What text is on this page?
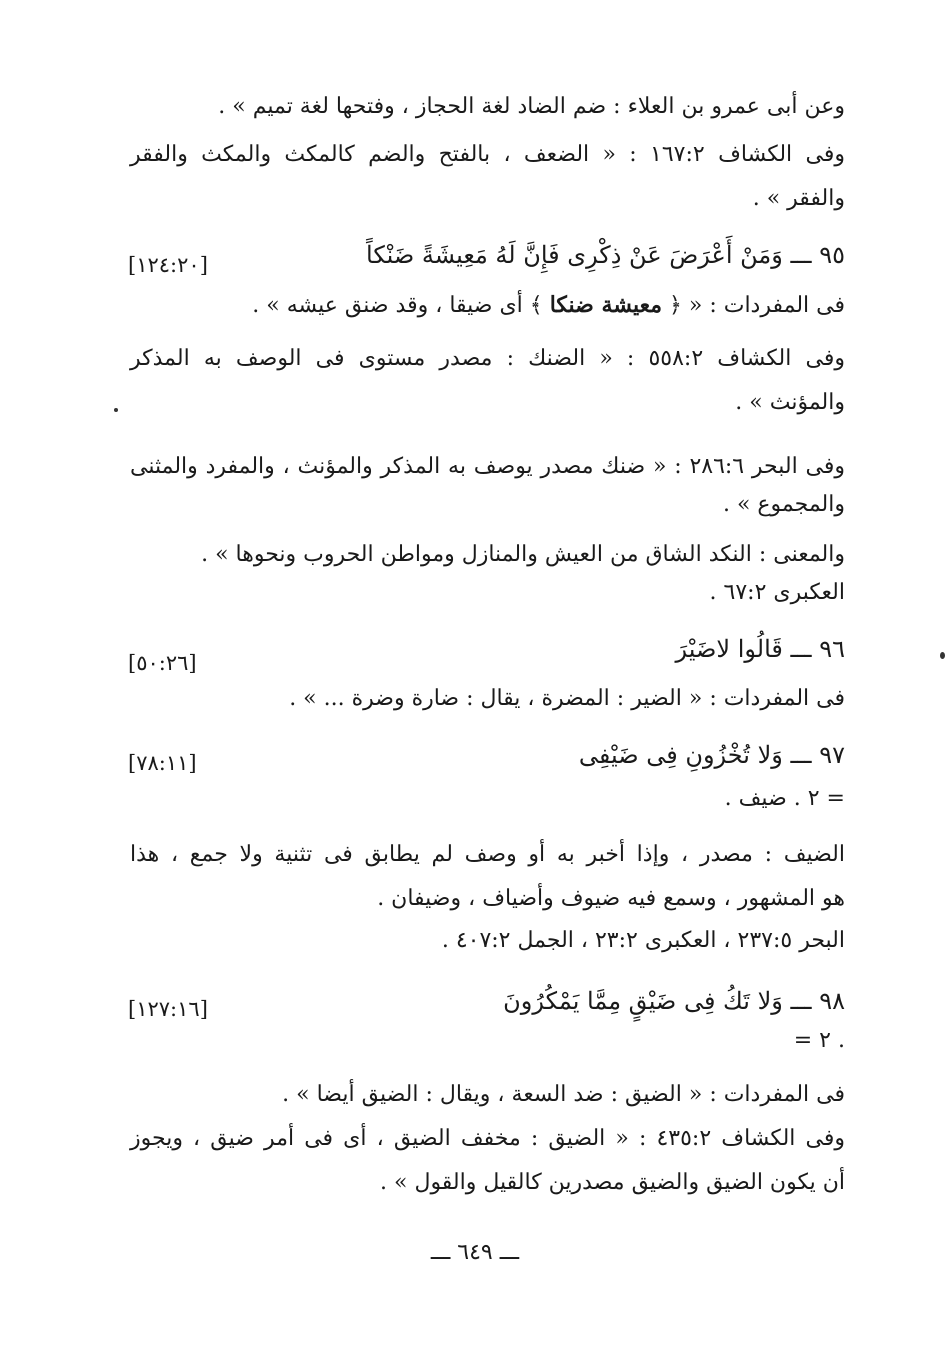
وعن أبى عمرو بن العلاء : ضم الضاد لغة الحجاز ، وفتحها لغة تميم » .
وفى الكشاف ١٦٧:٢ : « الضعف ، بالفتح والضم كالمكث والمكث والفقر
والفقر » .
٩٥ ـــ وَمَنْ أَعْرَضَ عَنْ ذِكْرِى فَإِنَّ لَهُ مَعِيشَةً ضَنْكاً
[١٢٤:٢٠]
فى المفردات : « ﴿ معيشة ضنكا ﴾ أى ضيقا ، وقد ضنق عيشه » .
وفى الكشاف ٥٥٨:٢ : « الضنك : مصدر مستوى فى الوصف به المذكر
والمؤنث » .
وفى البحر ٢٨٦:٦ : « ضنك مصدر يوصف به المذكر والمؤنث ، والمفرد والمثنى
والمجموع » .
والمعنى : النكد الشاق من العيش والمنازل ومواطن الحروب ونحوها » .
العكبرى ٦٧:٢ .
٩٦ ـــ قَالُوا لاضَيْرَ
[٥٠:٢٦]
فى المفردات : « الضير : المضرة ، يقال : ضارة وضرة ... » .
٩٧ ـــ وَلا تُخْزُونِ فِى ضَيْفِى
[٧٨:١١]
= ٢ . ضيف .
الضيف : مصدر ، وإذا أخبر به أو وصف لم يطابق فى تثنية ولا جمع ، هذا
هو المشهور ، وسمع فيه ضيوف وأضياف ، وضيفان .
البحر ٢٣٧:٥ ، العكبرى ٢٣:٢ ، الجمل ٤٠٧:٢ .
٩٨ ـــ وَلا تَكُ فِى ضَيْقٍ مِمَّا يَمْكُرُونَ
[١٢٧:١٦]
= ٢ .
فى المفردات : « الضيق : ضد السعة ، ويقال : الضيق أيضا » .
وفى الكشاف ٤٣٥:٢ : « الضيق : مخفف الضيق ، أى فى أمر ضيق ، ويجوز
أن يكون الضيق والضيق مصدرين كالقيل والقول » .
ـــ ٦٤٩ ـــ
